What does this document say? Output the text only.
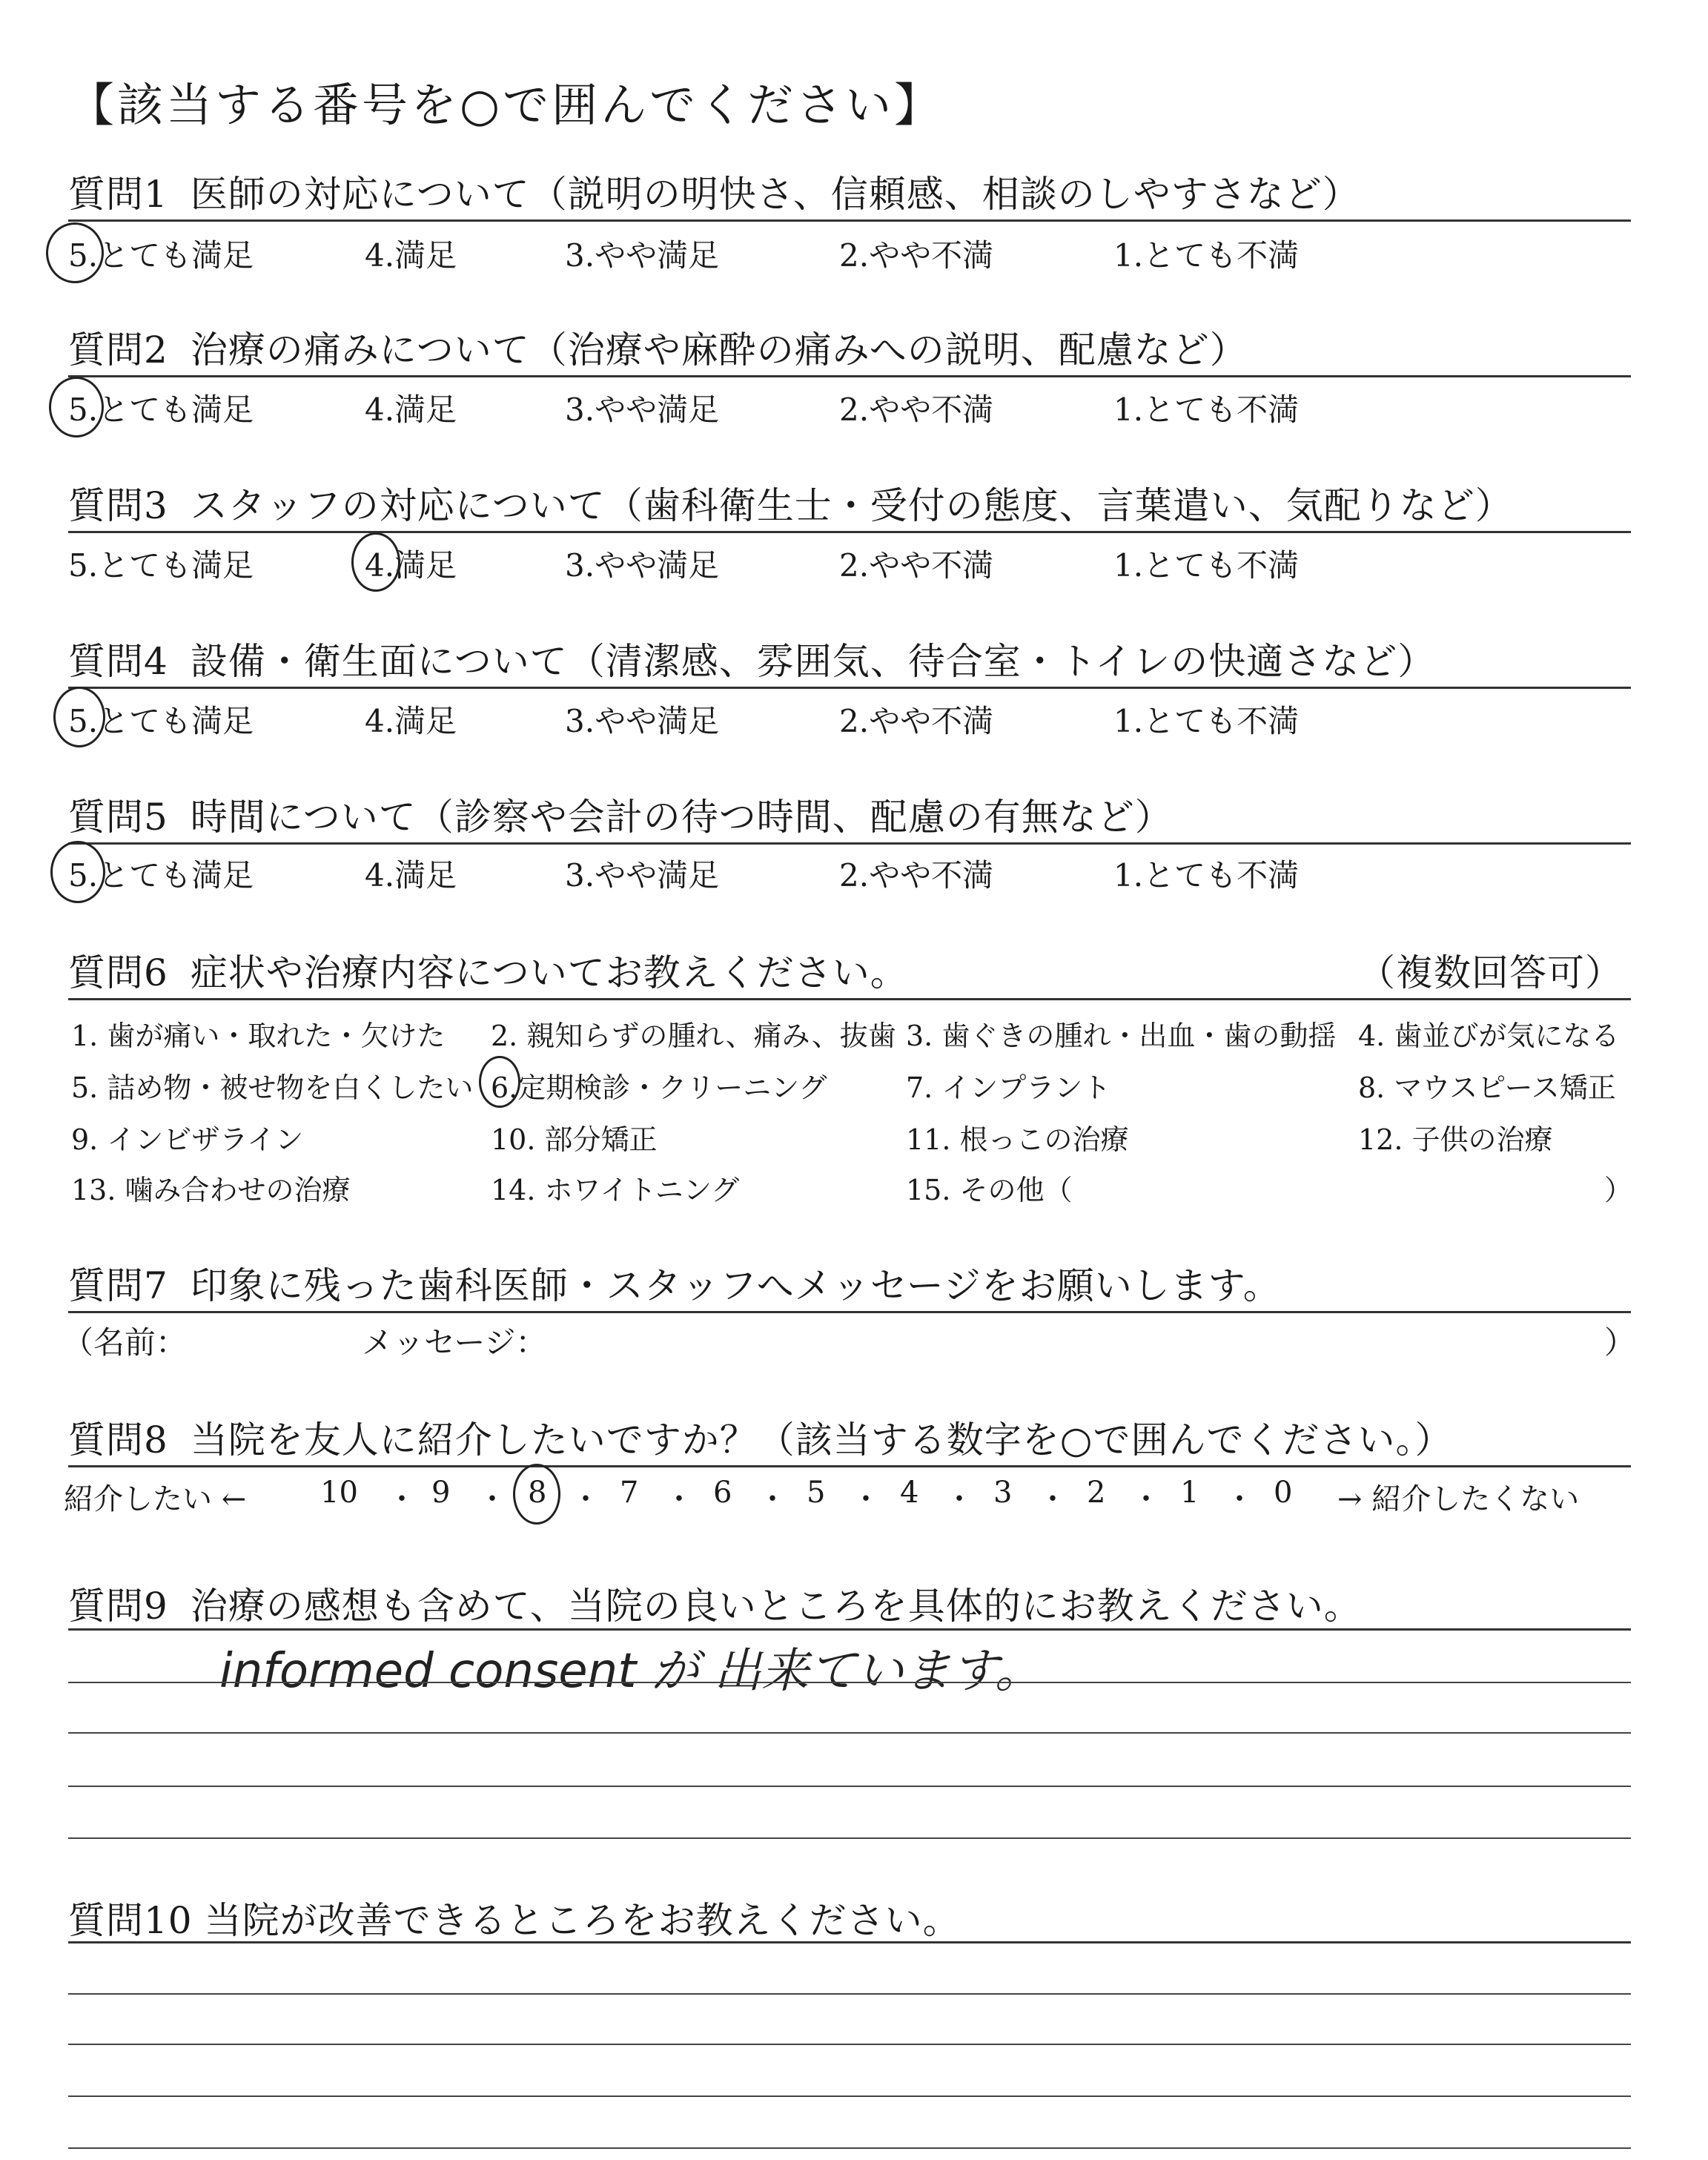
【該当する番号を○で囲んでください】
質問1 医師の対応について（説明の明快さ、信頼感、相談のしやすさなど）
5.とても満足	4.満足	3.やや満足	2.やや不満	1.とても不満
質問2 治療の痛みについて（治療や麻酔の痛みへの説明、配慮など）
5.とても満足	4.満足	3.やや満足	2.やや不満	1.とても不満
質問3 スタッフの対応について（歯科衛生士・受付の態度、言葉遣い、気配りなど）
5.とても満足	4.満足	3.やや満足	2.やや不満	1.とても不満
質問4 設備・衛生面について（清潔感、雰囲気、待合室・トイレの快適さなど）
5.とても満足	4.満足	3.やや満足	2.やや不満	1.とても不満
質問5 時間について（診察や会計の待つ時間、配慮の有無など）
5.とても満足	4.満足	3.やや満足	2.やや不満	1.とても不満
質問6 症状や治療内容についてお教えください。	（複数回答可）
1. 歯が痛い・取れた・欠けた 2. 親知らずの腫れ、痛み、抜歯 3. 歯ぐきの腫れ・出血・歯の動揺 4. 歯並びが気になる
5. 詰め物・被せ物を白くしたい 6.定期検診・クリーニング	7. インプラント	8. マウスピース矯正
9. インビザライン	10. 部分矯正	11. 根っこの治療	12. 子供の治療
13. 噛み合わせの治療	14. ホワイトニング	15. その他（	）
質問7 印象に残った歯科医師・スタッフへメッセージをお願いします。
（名前：	メッセージ：	）
質問8 当院を友人に紹介したいですか？（該当する数字を○で囲んでください。）
紹介したい ←	→ 紹介したくない
10 ・ 9 ・ 8 ・ 7 ・ 6 ・ 5 ・ 4 ・ 3 ・ 2 ・ 1 ・ 0
質問9 治療の感想も含めて、当院の良いところを具体的にお教えください。
informed consent が 出来ています。
質問10 当院が改善できるところをお教えください。
